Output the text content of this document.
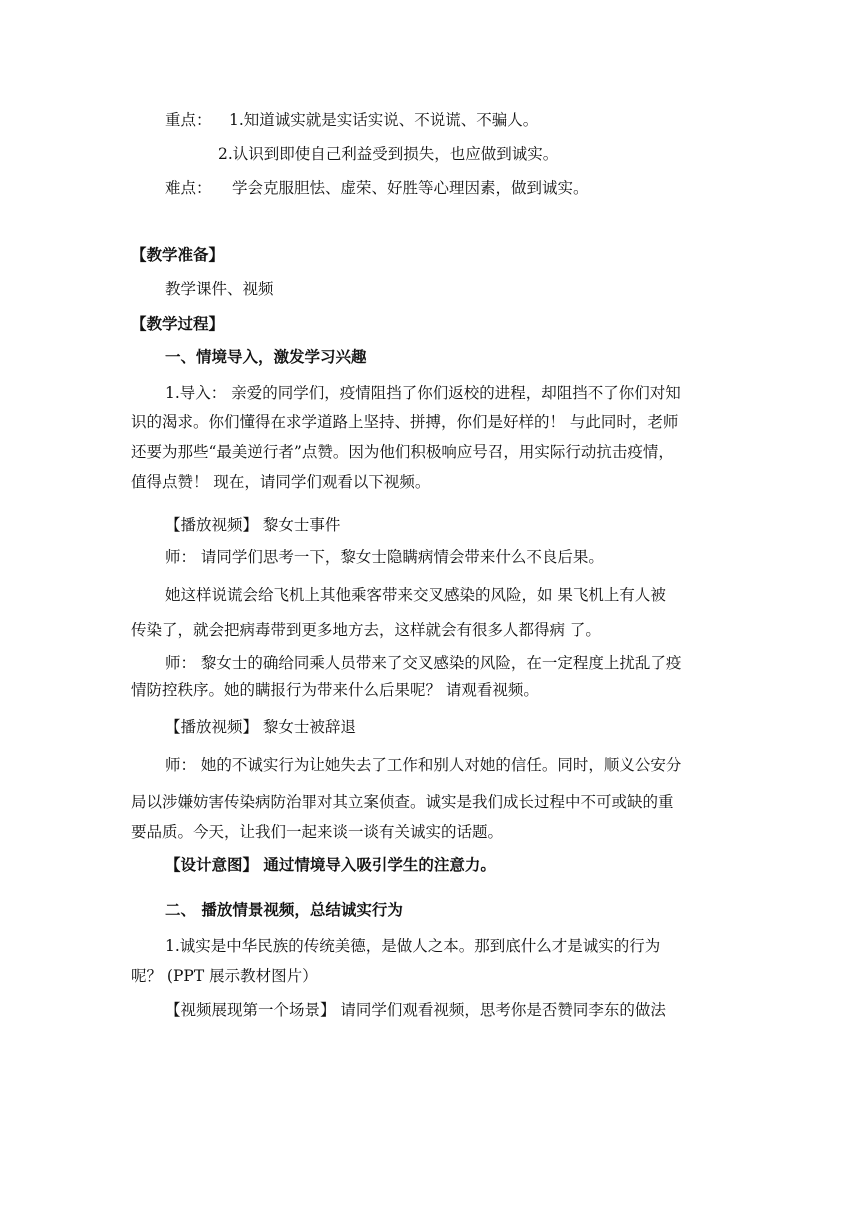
重点： 1.知道诚实就是实话实说、不说谎、不骗人。
2.认识到即使自己利益受到损失，也应做到诚实。
难点： 学会克服胆怯、虚荣、好胜等心理因素，做到诚实。
【教学准备】
教学课件、视频
【教学过程】
一、情境导入，激发学习兴趣
1.导入： 亲爱的同学们，疫情阻挡了你们返校的进程，却阻挡不了你们对知
识的渴求。你们懂得在求学道路上坚持、拼搏，你们是好样的！ 与此同时，老师
还要为那些“最美逆行者”点赞。因为他们积极响应号召，用实际行动抗击疫情，
值得点赞！ 现在，请同学们观看以下视频。
【播放视频】 黎女士事件
师： 请同学们思考一下，黎女士隐瞒病情会带来什么不良后果。
她这样说谎会给飞机上其他乘客带来交叉感染的风险，如 果飞机上有人被
传染了，就会把病毒带到更多地方去，这样就会有很多人都得病 了。
师： 黎女士的确给同乘人员带来了交叉感染的风险，在一定程度上扰乱了疫
情防控秩序。她的瞒报行为带来什么后果呢？ 请观看视频。
【播放视频】 黎女士被辞退
师： 她的不诚实行为让她失去了工作和别人对她的信任。同时，顺义公安分
局以涉嫌妨害传染病防治罪对其立案侦查。诚实是我们成长过程中不可或缺的重
要品质。今天，让我们一起来谈一谈有关诚实的话题。
【设计意图】 通过情境导入吸引学生的注意力。
二、 播放情景视频，总结诚实行为
1.诚实是中华民族的传统美德，是做人之本。那到底什么才是诚实的行为
呢？ (PPT 展示教材图片）
【视频展现第一个场景】 请同学们观看视频，思考你是否赞同李东的做法
